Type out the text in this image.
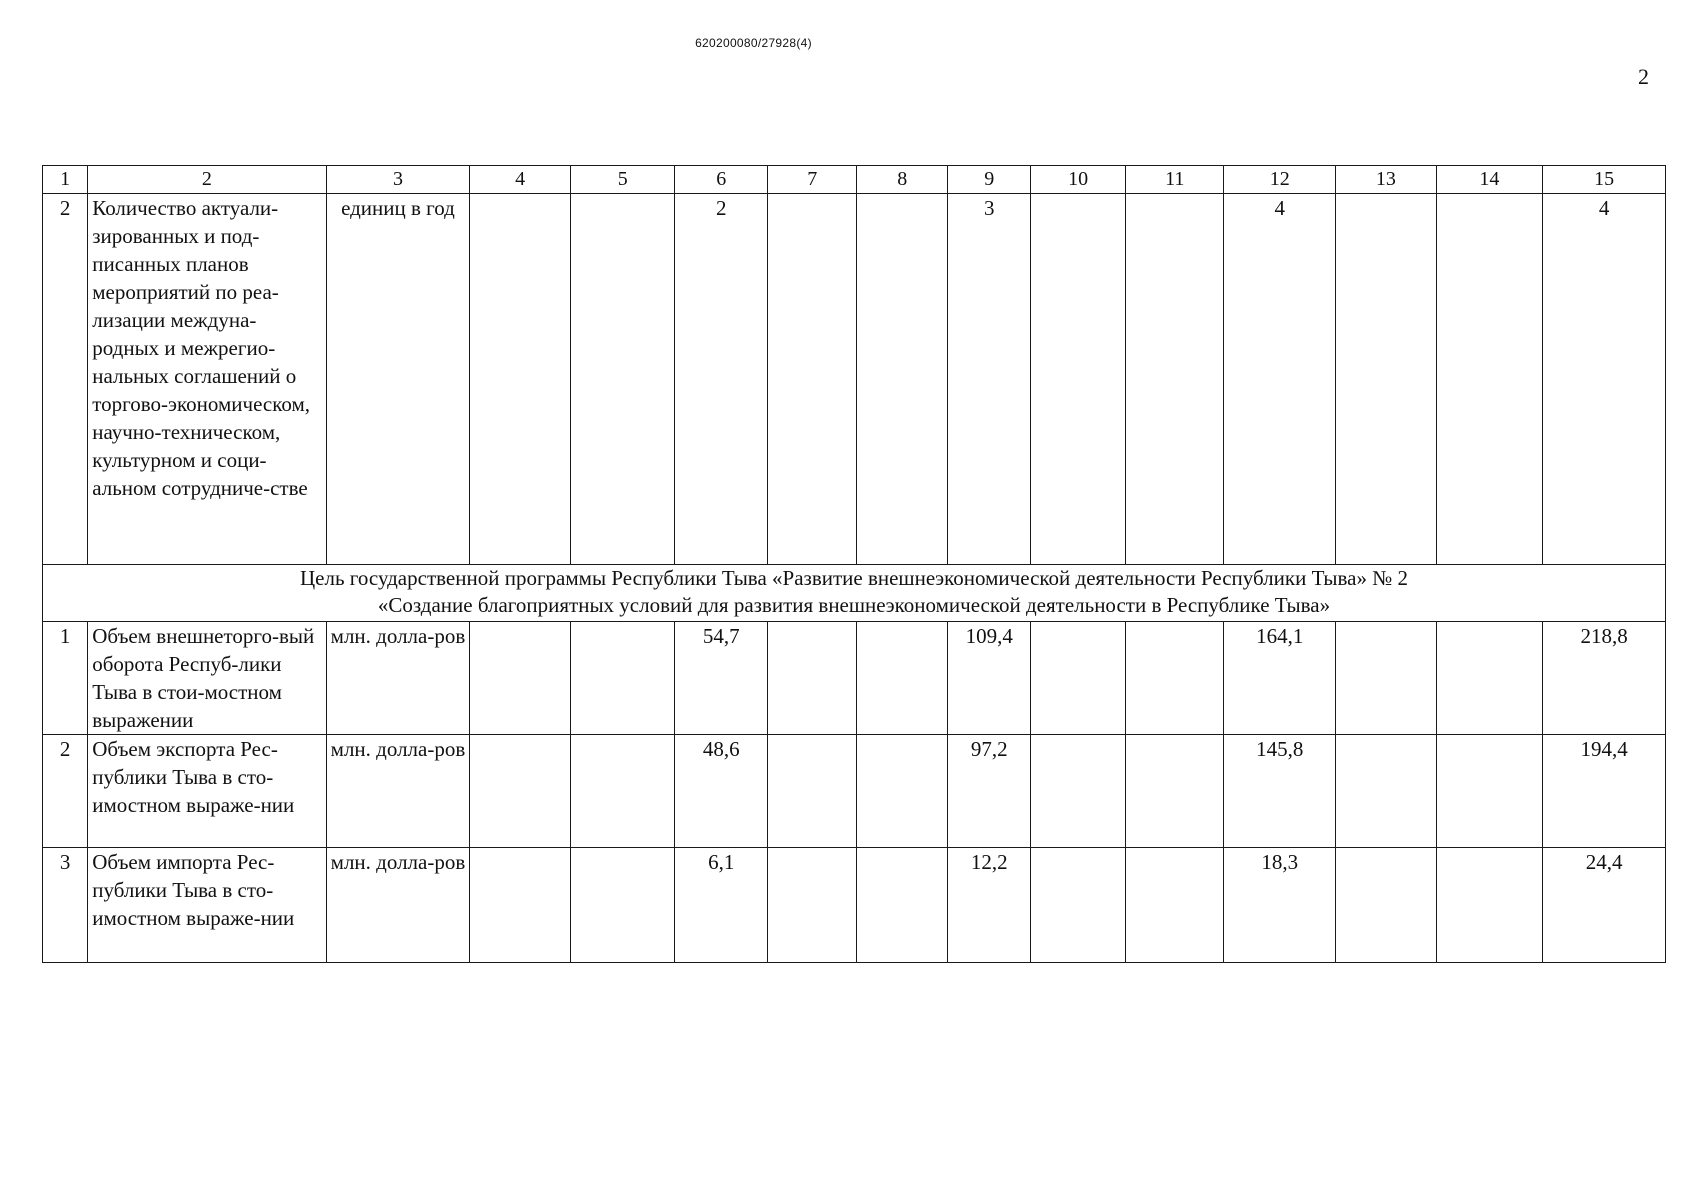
620200080/27928(4)
2
1	2	3	4	5	6	7	8	9	10	11	12	13	14	15
2	Количество актуали-зированных и под-писанных планов мероприятий по реа-лизации междуна-родных и межрегио-нальных соглашений о торгово-экономическом, научно-техническом, культурном и соци-альном сотрудниче-стве	единиц в год			2			3			4			4

Цель государственной программы Республики Тыва «Развитие внешнеэкономической деятельности Республики Тыва» № 2
«Создание благоприятных условий для развития внешнеэкономической деятельности в Республике Тыва»														

1	Объем внешнеторго-вый оборота Респуб-лики Тыва в стои-мостном выражении	млн. долла-ров			54,7			109,4			164,1			218,8
2	Объем экспорта Рес-публики Тыва в сто-имостном выраже-нии	млн. долла-ров			48,6			97,2			145,8			194,4
3	Объем импорта Рес-публики Тыва в сто-имостном выраже-нии	млн. долла-ров			6,1			12,2			18,3			24,4
